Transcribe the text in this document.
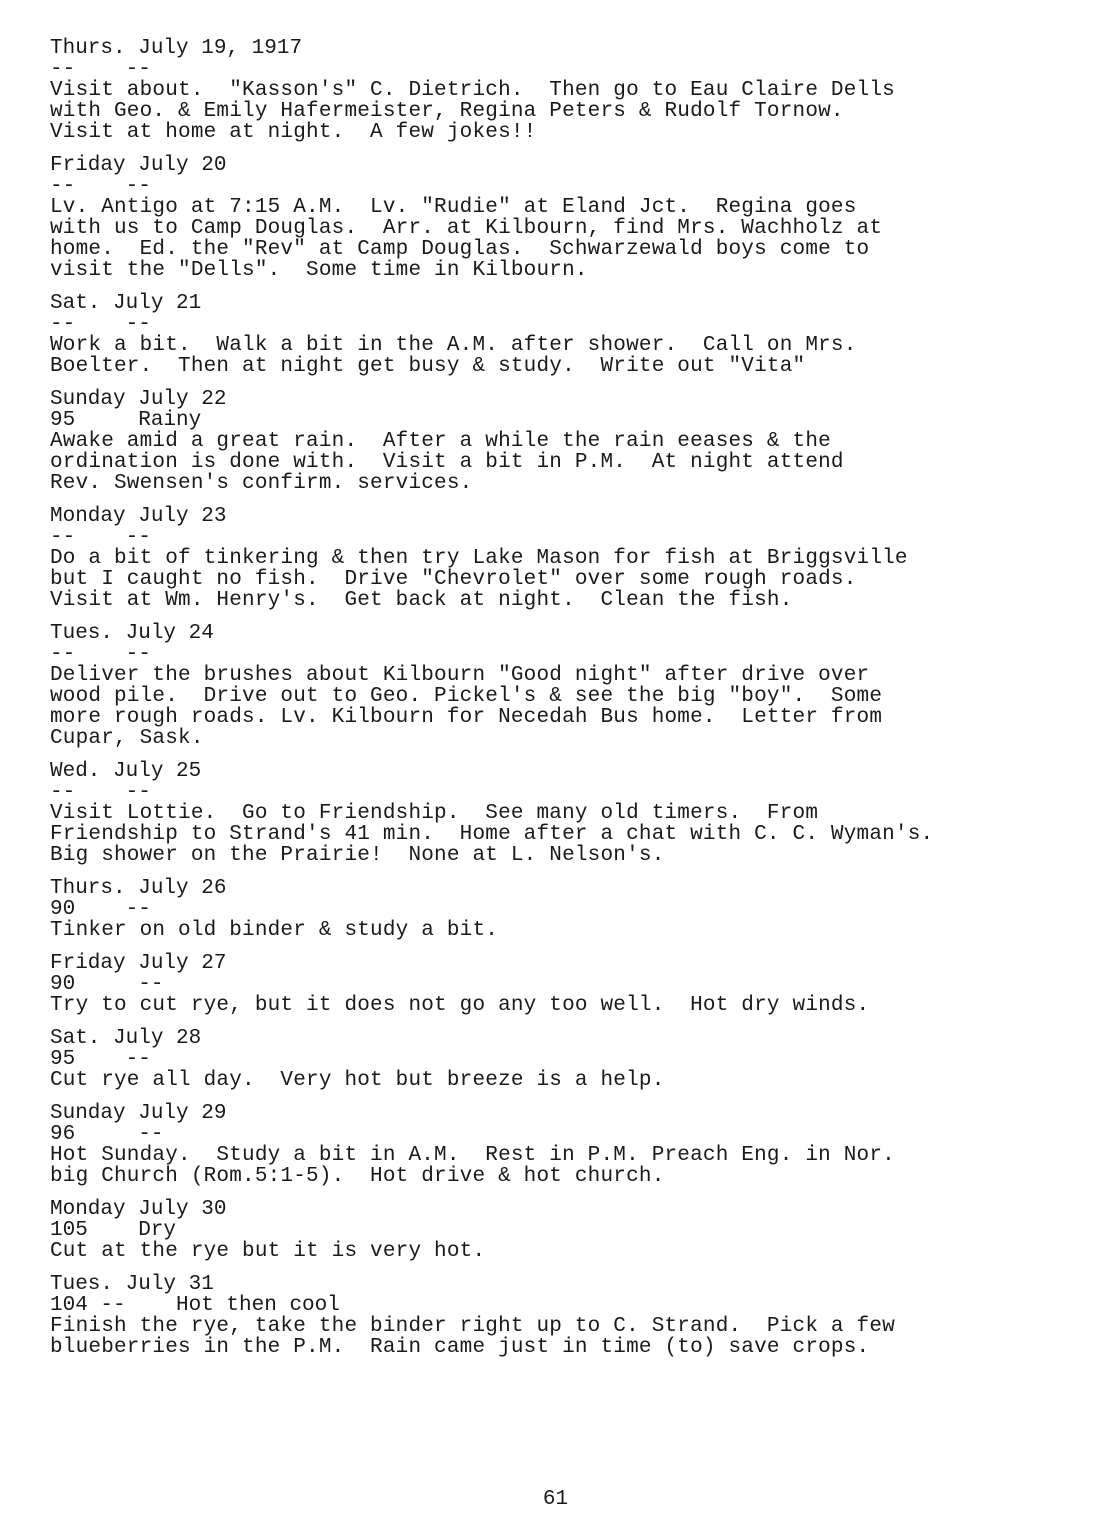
Thurs. July 19, 1917
--    --
Visit about.  "Kasson's" C. Dietrich.  Then go to Eau Claire Dells
with Geo. & Emily Hafermeister, Regina Peters & Rudolf Tornow.
Visit at home at night.  A few jokes!!
Friday July 20
--    --
Lv. Antigo at 7:15 A.M.  Lv. "Rudie" at Eland Jct.  Regina goes
with us to Camp Douglas.  Arr. at Kilbourn, find Mrs. Wachholz at
home.  Ed. the "Rev" at Camp Douglas.  Schwarzewald boys come to
visit the "Dells".  Some time in Kilbourn.
Sat. July 21
--    --
Work a bit.  Walk a bit in the A.M. after shower.  Call on Mrs.
Boelter.  Then at night get busy & study.  Write out "Vita"
Sunday July 22
95     Rainy
Awake amid a great rain.  After a while the rain eeases & the
ordination is done with.  Visit a bit in P.M.  At night attend
Rev. Swensen's confirm. services.
Monday July 23
--    --
Do a bit of tinkering & then try Lake Mason for fish at Briggsville
but I caught no fish.  Drive "Chevrolet" over some rough roads.
Visit at Wm. Henry's.  Get back at night.  Clean the fish.
Tues. July 24
--    --
Deliver the brushes about Kilbourn "Good night" after drive over
wood pile.  Drive out to Geo. Pickel's & see the big "boy".  Some
more rough roads. Lv. Kilbourn for Necedah Bus home.  Letter from
Cupar, Sask.
Wed. July 25
--    --
Visit Lottie.  Go to Friendship.  See many old timers.  From
Friendship to Strand's 41 min.  Home after a chat with C. C. Wyman's.
Big shower on the Prairie!  None at L. Nelson's.
Thurs. July 26
90    --
Tinker on old binder & study a bit.
Friday July 27
90     --
Try to cut rye, but it does not go any too well.  Hot dry winds.
Sat. July 28
95    --
Cut rye all day.  Very hot but breeze is a help.
Sunday July 29
96     --
Hot Sunday.  Study a bit in A.M.  Rest in P.M. Preach Eng. in Nor.
big Church (Rom.5:1-5).  Hot drive & hot church.
Monday July 30
105    Dry
Cut at the rye but it is very hot.
Tues. July 31
104 --    Hot then cool
Finish the rye, take the binder right up to C. Strand.  Pick a few
blueberries in the P.M.  Rain came just in time (to) save crops.
61
